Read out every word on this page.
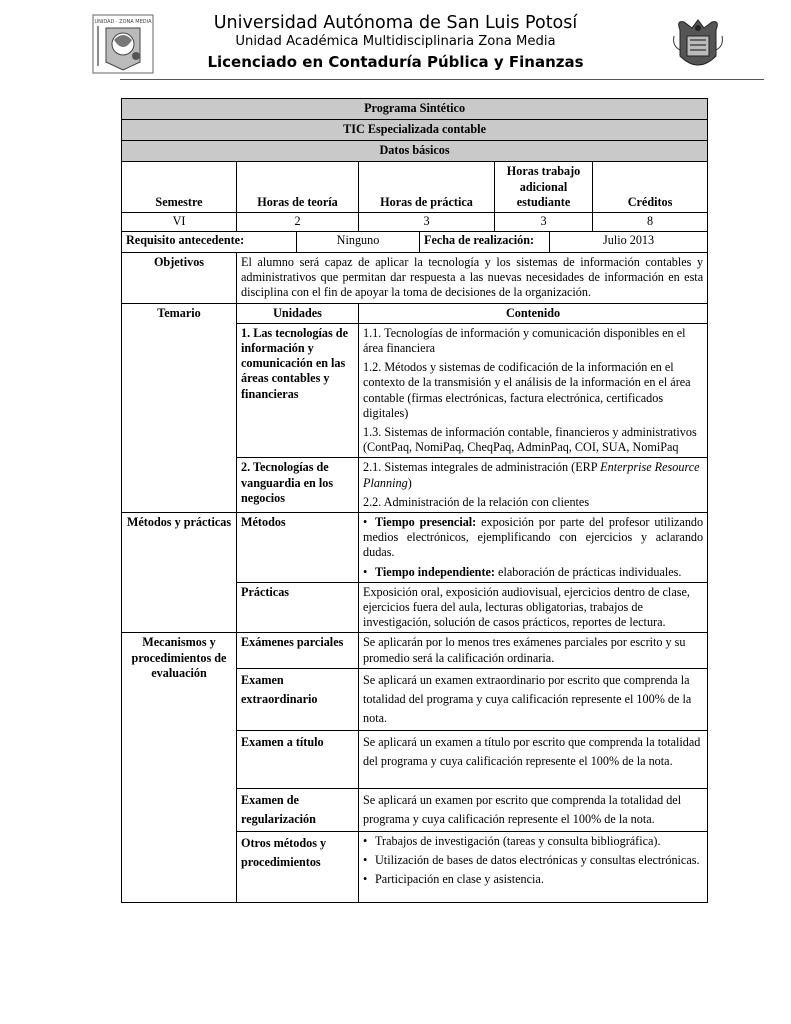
UNIDAD · ZONA MEDIA	Universidad Autónoma de San Luis Potosí
Unidad Académica Multidisciplinaria Zona Media
Licenciado en Contaduría Pública y Finanzas
Programa Sintético							
TIC Especializada contable							
Datos básicos							
Semestre	Horas de teoría		Horas de práctica		Horas trabajo adicional estudiante		Créditos
VI	2		3		3		8
Requisito antecedente:		Ninguno		Fecha de realización:		Julio 2013	
Objetivos	El alumno será capaz de aplicar la tecnología y los sistemas de información contables y administrativos que permitan dar respuesta a las nuevas necesidades de información en esta disciplina con el fin de apoyar la toma de decisiones de la organización.						
Temario	Unidades		Contenido				
	1. Las tecnologías de información y comunicación en las áreas contables y financieras		1.1. Tecnologías de información y comunicación disponibles en el área financiera

1.2. Métodos y sistemas de codificación de la información en el contexto de la transmisión y el análisis de la información en el área contable (firmas electrónicas, factura electrónica, certificados digitales)

1.3. Sistemas de información contable, financieros y administrativos (ContPaq, NomiPaq, CheqPaq, AdminPaq, COI, SUA, NomiPaq				

	2. Tecnologías de vanguardia en los negocios		2.1. Sistemas integrales de administración (ERP Enterprise Resource Planning)

2.2. Administración de la relación con clientes				

Métodos y prácticas	Métodos		• Tiempo presencial: exposición por parte del profesor utilizando medios electrónicos, ejemplificando con ejercicios y aclarando dudas.

• Tiempo independiente: elaboración de prácticas individuales.				

	Prácticas		Exposición oral, exposición audiovisual, ejercicios dentro de clase, ejercicios fuera del aula, lecturas obligatorias, trabajos de investigación, solución de casos prácticos, reportes de lectura.				
Mecanismos y procedimientos de evaluación	Exámenes parciales		Se aplicarán por lo menos tres exámenes parciales por escrito y su promedio será la calificación ordinaria.				
	Examen extraordinario		Se aplicará un examen extraordinario por escrito que comprenda la totalidad del programa y cuya calificación represente el 100% de la nota.				
	Examen a título		Se aplicará un examen a título por escrito que comprenda la totalidad del programa y cuya calificación represente el 100% de la nota.				
	Examen de regularización		Se aplicará un examen por escrito que comprenda la totalidad del programa y cuya calificación represente el 100% de la nota.				
	Otros métodos y procedimientos		• Trabajos de investigación (tareas y consulta bibliográfica).

• Utilización de bases de datos electrónicas y consultas electrónicas.

• Participación en clase y asistencia.				
